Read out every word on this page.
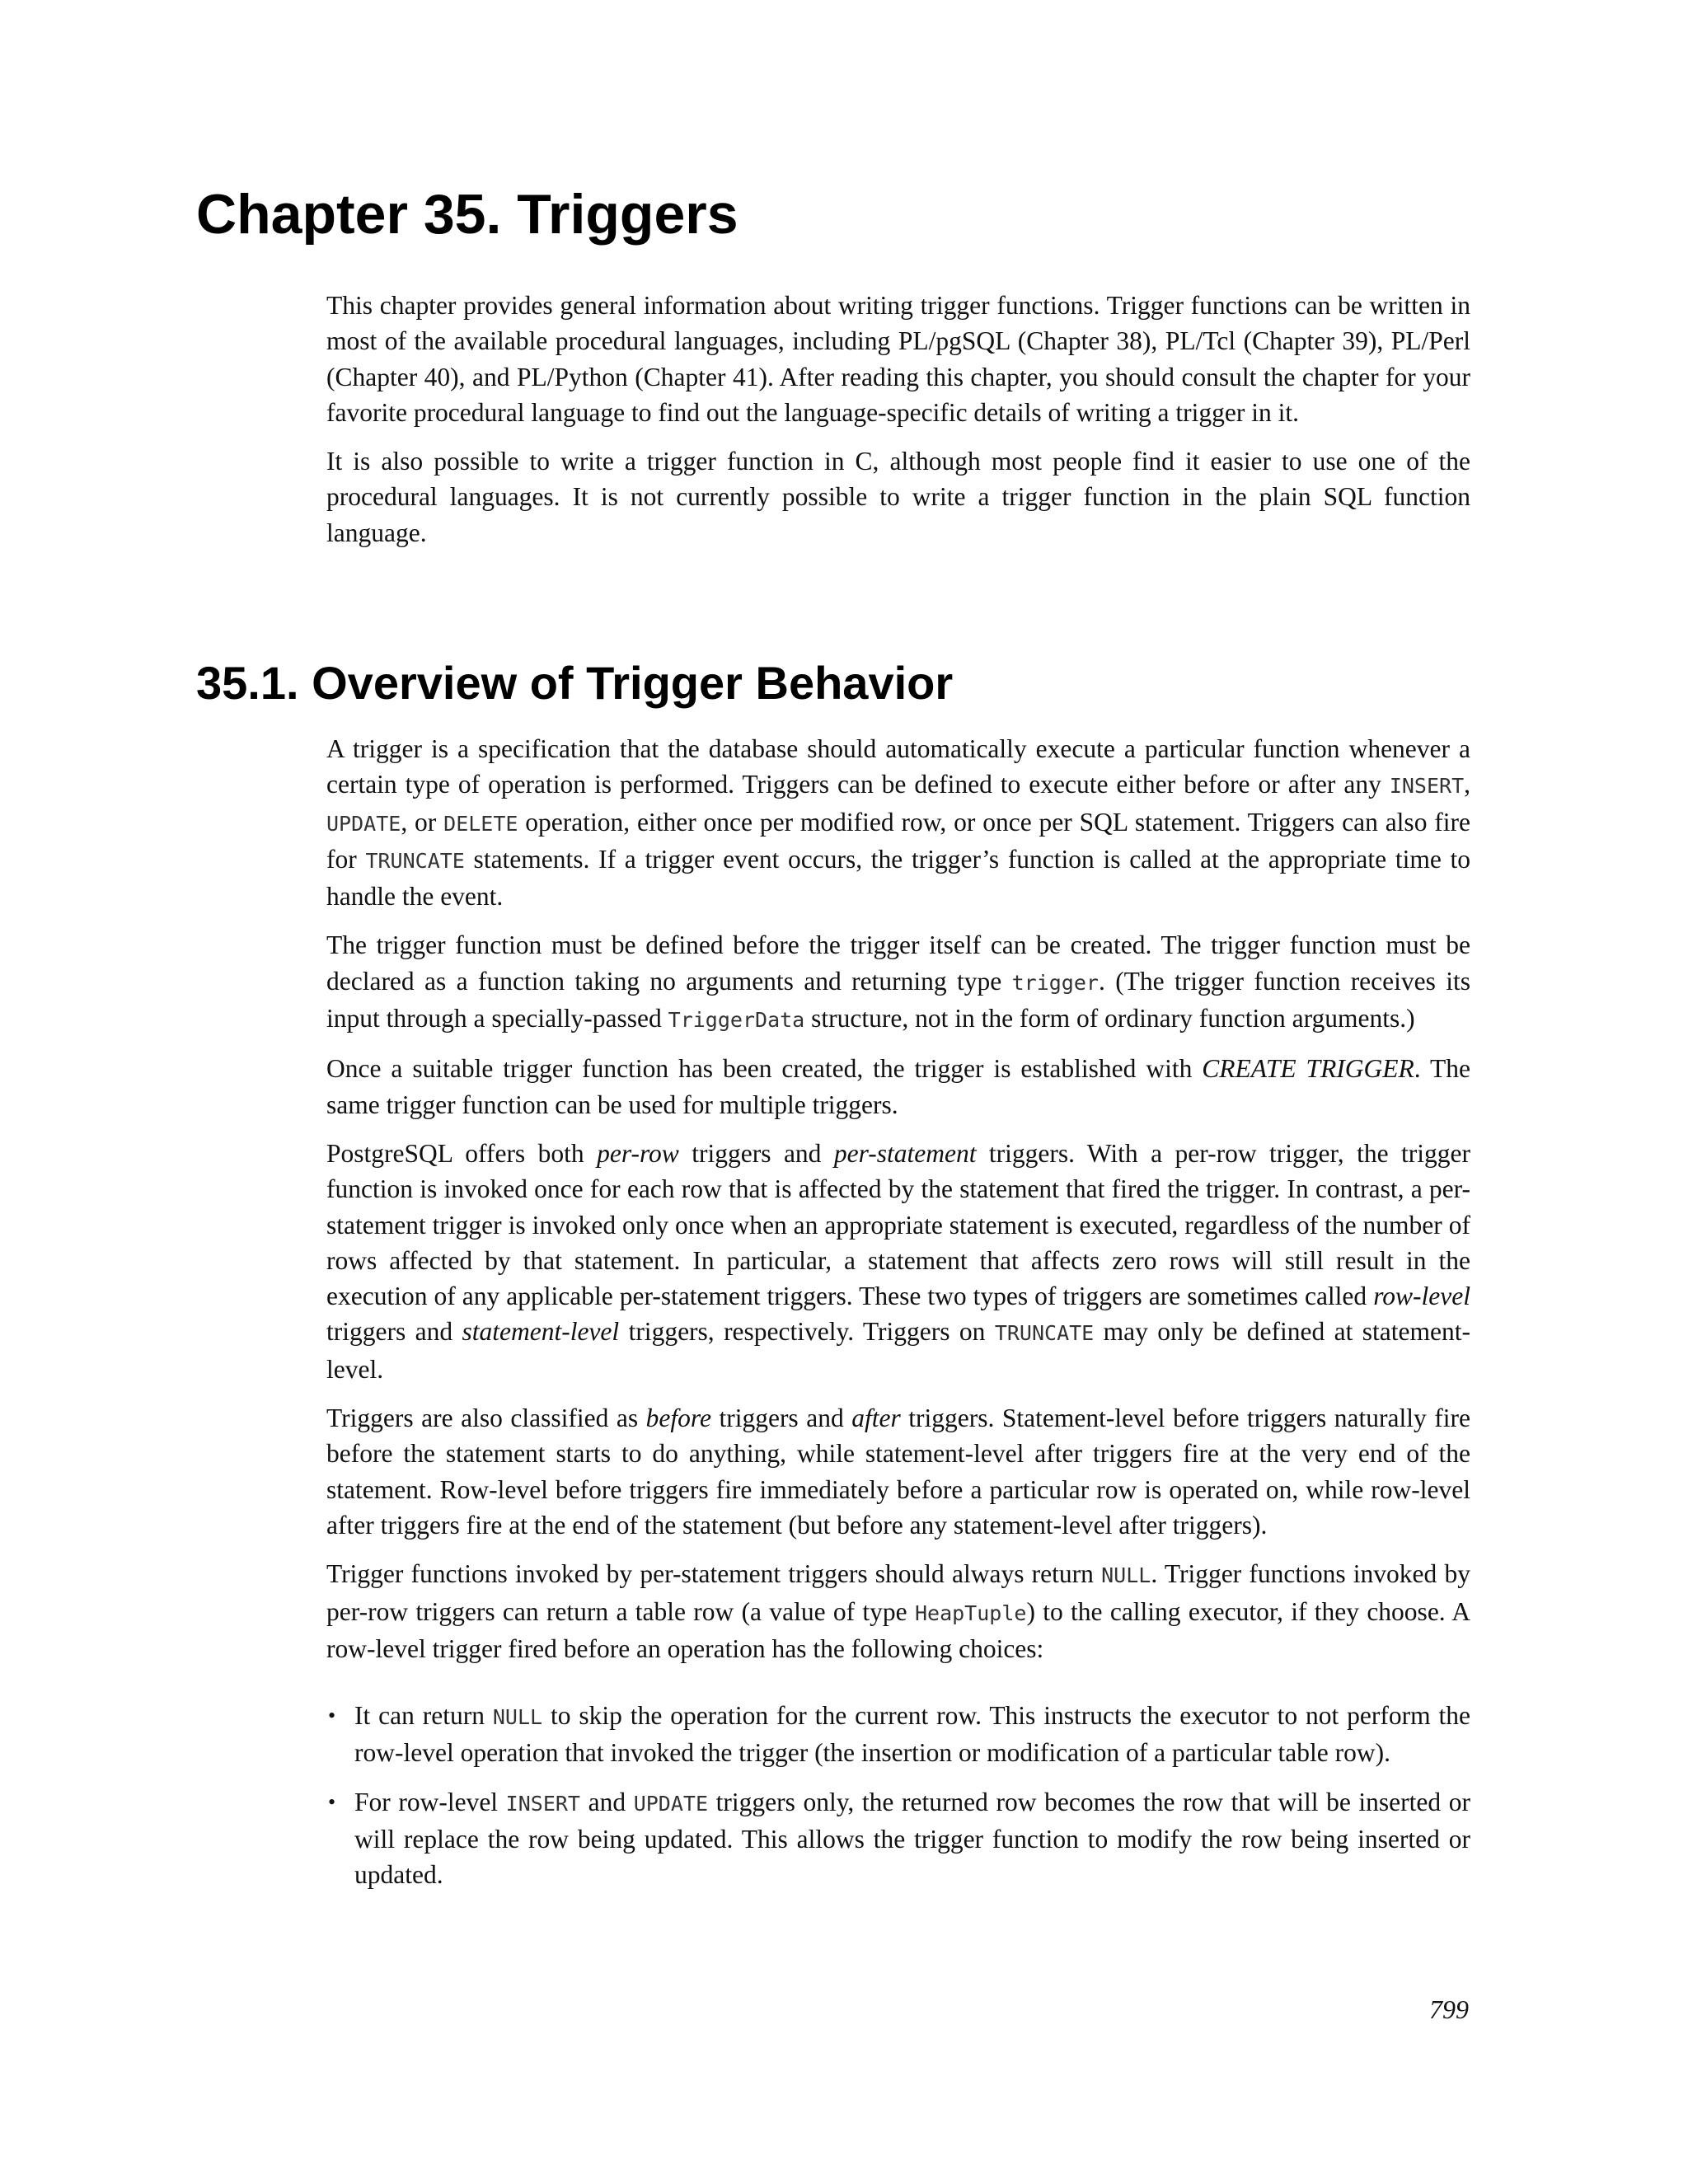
Chapter 35. Triggers

This chapter provides general information about writing trigger functions. Trigger functions can be written in most of the available procedural languages, including PL/pgSQL (Chapter 38), PL/Tcl (Chapter 39), PL/Perl (Chapter 40), and PL/Python (Chapter 41). After reading this chapter, you should consult the chapter for your favorite procedural language to find out the language-specific details of writing a trigger in it.

It is also possible to write a trigger function in C, although most people find it easier to use one of the procedural languages. It is not currently possible to write a trigger function in the plain SQL function language.

35.1. Overview of Trigger Behavior

A trigger is a specification that the database should automatically execute a particular function whenever a certain type of operation is performed. Triggers can be defined to execute either before or after any INSERT, UPDATE, or DELETE operation, either once per modified row, or once per SQL statement. Triggers can also fire for TRUNCATE statements. If a trigger event occurs, the trigger’s function is called at the appropriate time to handle the event.

The trigger function must be defined before the trigger itself can be created. The trigger function must be declared as a function taking no arguments and returning type trigger. (The trigger function receives its input through a specially-passed TriggerData structure, not in the form of ordinary function arguments.)

Once a suitable trigger function has been created, the trigger is established with CREATE TRIGGER. The same trigger function can be used for multiple triggers.

PostgreSQL offers both per-row triggers and per-statement triggers. With a per-row trigger, the trigger function is invoked once for each row that is affected by the statement that fired the trigger. In contrast, a per-statement trigger is invoked only once when an appropriate statement is executed, regardless of the number of rows affected by that statement. In particular, a statement that affects zero rows will still result in the execution of any applicable per-statement triggers. These two types of triggers are sometimes called row-level triggers and statement-level triggers, respectively. Triggers on TRUNCATE may only be defined at statement-level.

Triggers are also classified as before triggers and after triggers. Statement-level before triggers naturally fire before the statement starts to do anything, while statement-level after triggers fire at the very end of the statement. Row-level before triggers fire immediately before a particular row is operated on, while row-level after triggers fire at the end of the statement (but before any statement-level after triggers).

Trigger functions invoked by per-statement triggers should always return NULL. Trigger functions invoked by per-row triggers can return a table row (a value of type HeapTuple) to the calling executor, if they choose. A row-level trigger fired before an operation has the following choices:

• It can return NULL to skip the operation for the current row. This instructs the executor to not perform the row-level operation that invoked the trigger (the insertion or modification of a particular table row).
• For row-level INSERT and UPDATE triggers only, the returned row becomes the row that will be inserted or will replace the row being updated. This allows the trigger function to modify the row being inserted or updated.
799
